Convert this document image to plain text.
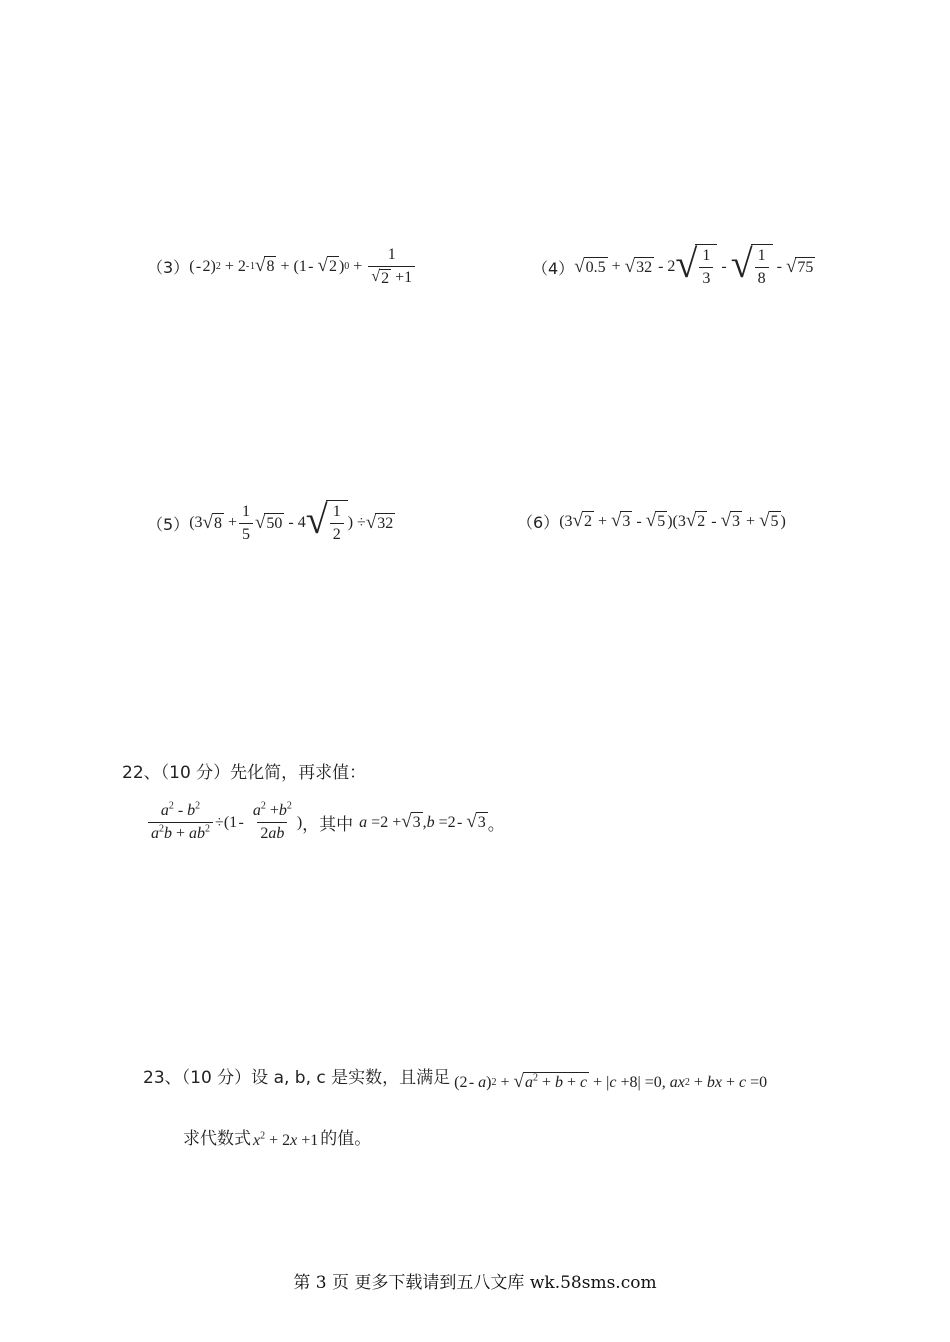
（3） ( - 2) 2 + 2 - 1 √ 8 + (1 - √ 2 ) $0 + \frac{1}{√ 2 +1}$	（4） √ 0.5 + √ 32 - 2 √ $\frac{1}{3}$ - √ $\frac{1}{8}$ - √ 75
（5） (3 √ $8 + \frac{1}{5}$ √ 50 - 4 √ $\frac{1}{2}$ ) ÷ √ 32	（6） (3 √ 2 + √ 3 - √ 5 )(3 √ 2 - √ 3 + √ 5 )
22、（10 分）先化简，再求值：
$\frac{a^2 - b^2}{a^2b + ab^2} \div(1$ - $\frac{a^2 +b^2}{2ab}$ ) ，其中 a =2 + √ 3 , b =2 - √ 3 。
23、（10 分）设 a, b, c 是实数，且满足 (2 - a ) 2 + √ $a^2 + b + c$ + | c +8| =0, ax 2 + bx + c =0
求代数式 $x^2 + 2x +1$ 的值。
第 3 页 更多下载请到五八文库 wk.58sms.com
